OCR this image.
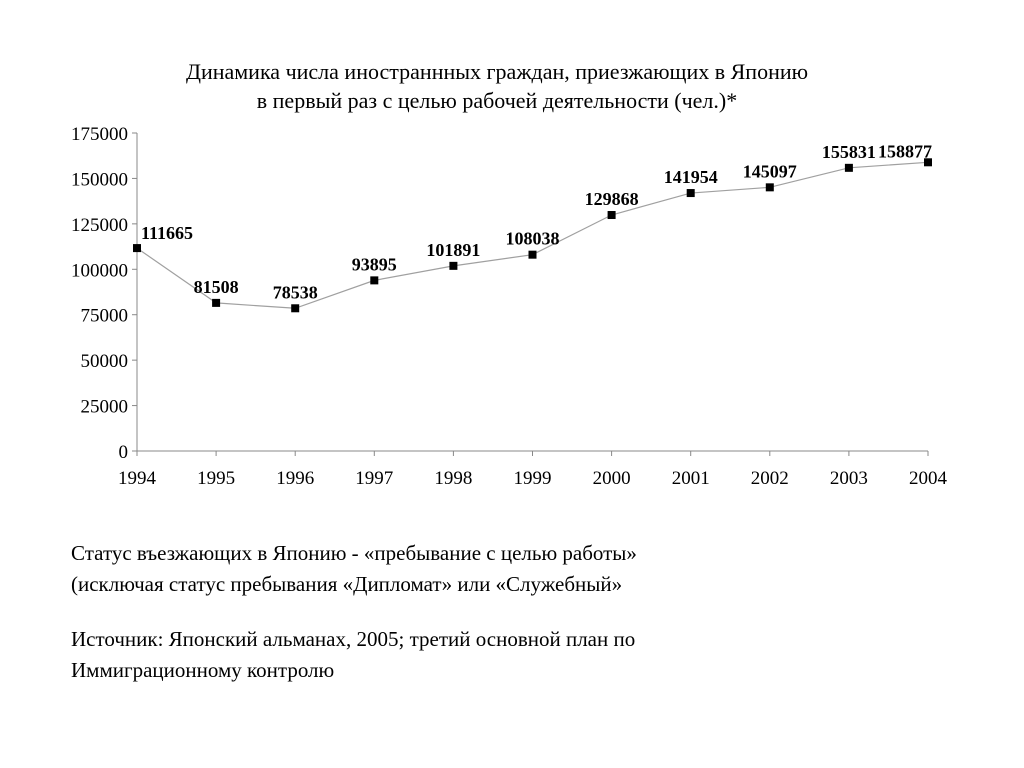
Динамика числа иностраннных граждан, приезжающих в Японию
в первый раз с целью рабочей деятельности (чел.)*
0
25000
50000
75000
100000
125000
150000
175000
1994 1995 1996 1997 1998 1999 2000 2001 2002 2003 2004
111665
81508 78538
93895
101891
108038
129868
141954 145097
155831 158877

Статус въезжающих в Японию - «пребывание с целью работы»
(исключая статус пребывания «Дипломат» или «Служебный»

Источник: Японский альманах, 2005; третий основной план по
Иммиграционному контролю
